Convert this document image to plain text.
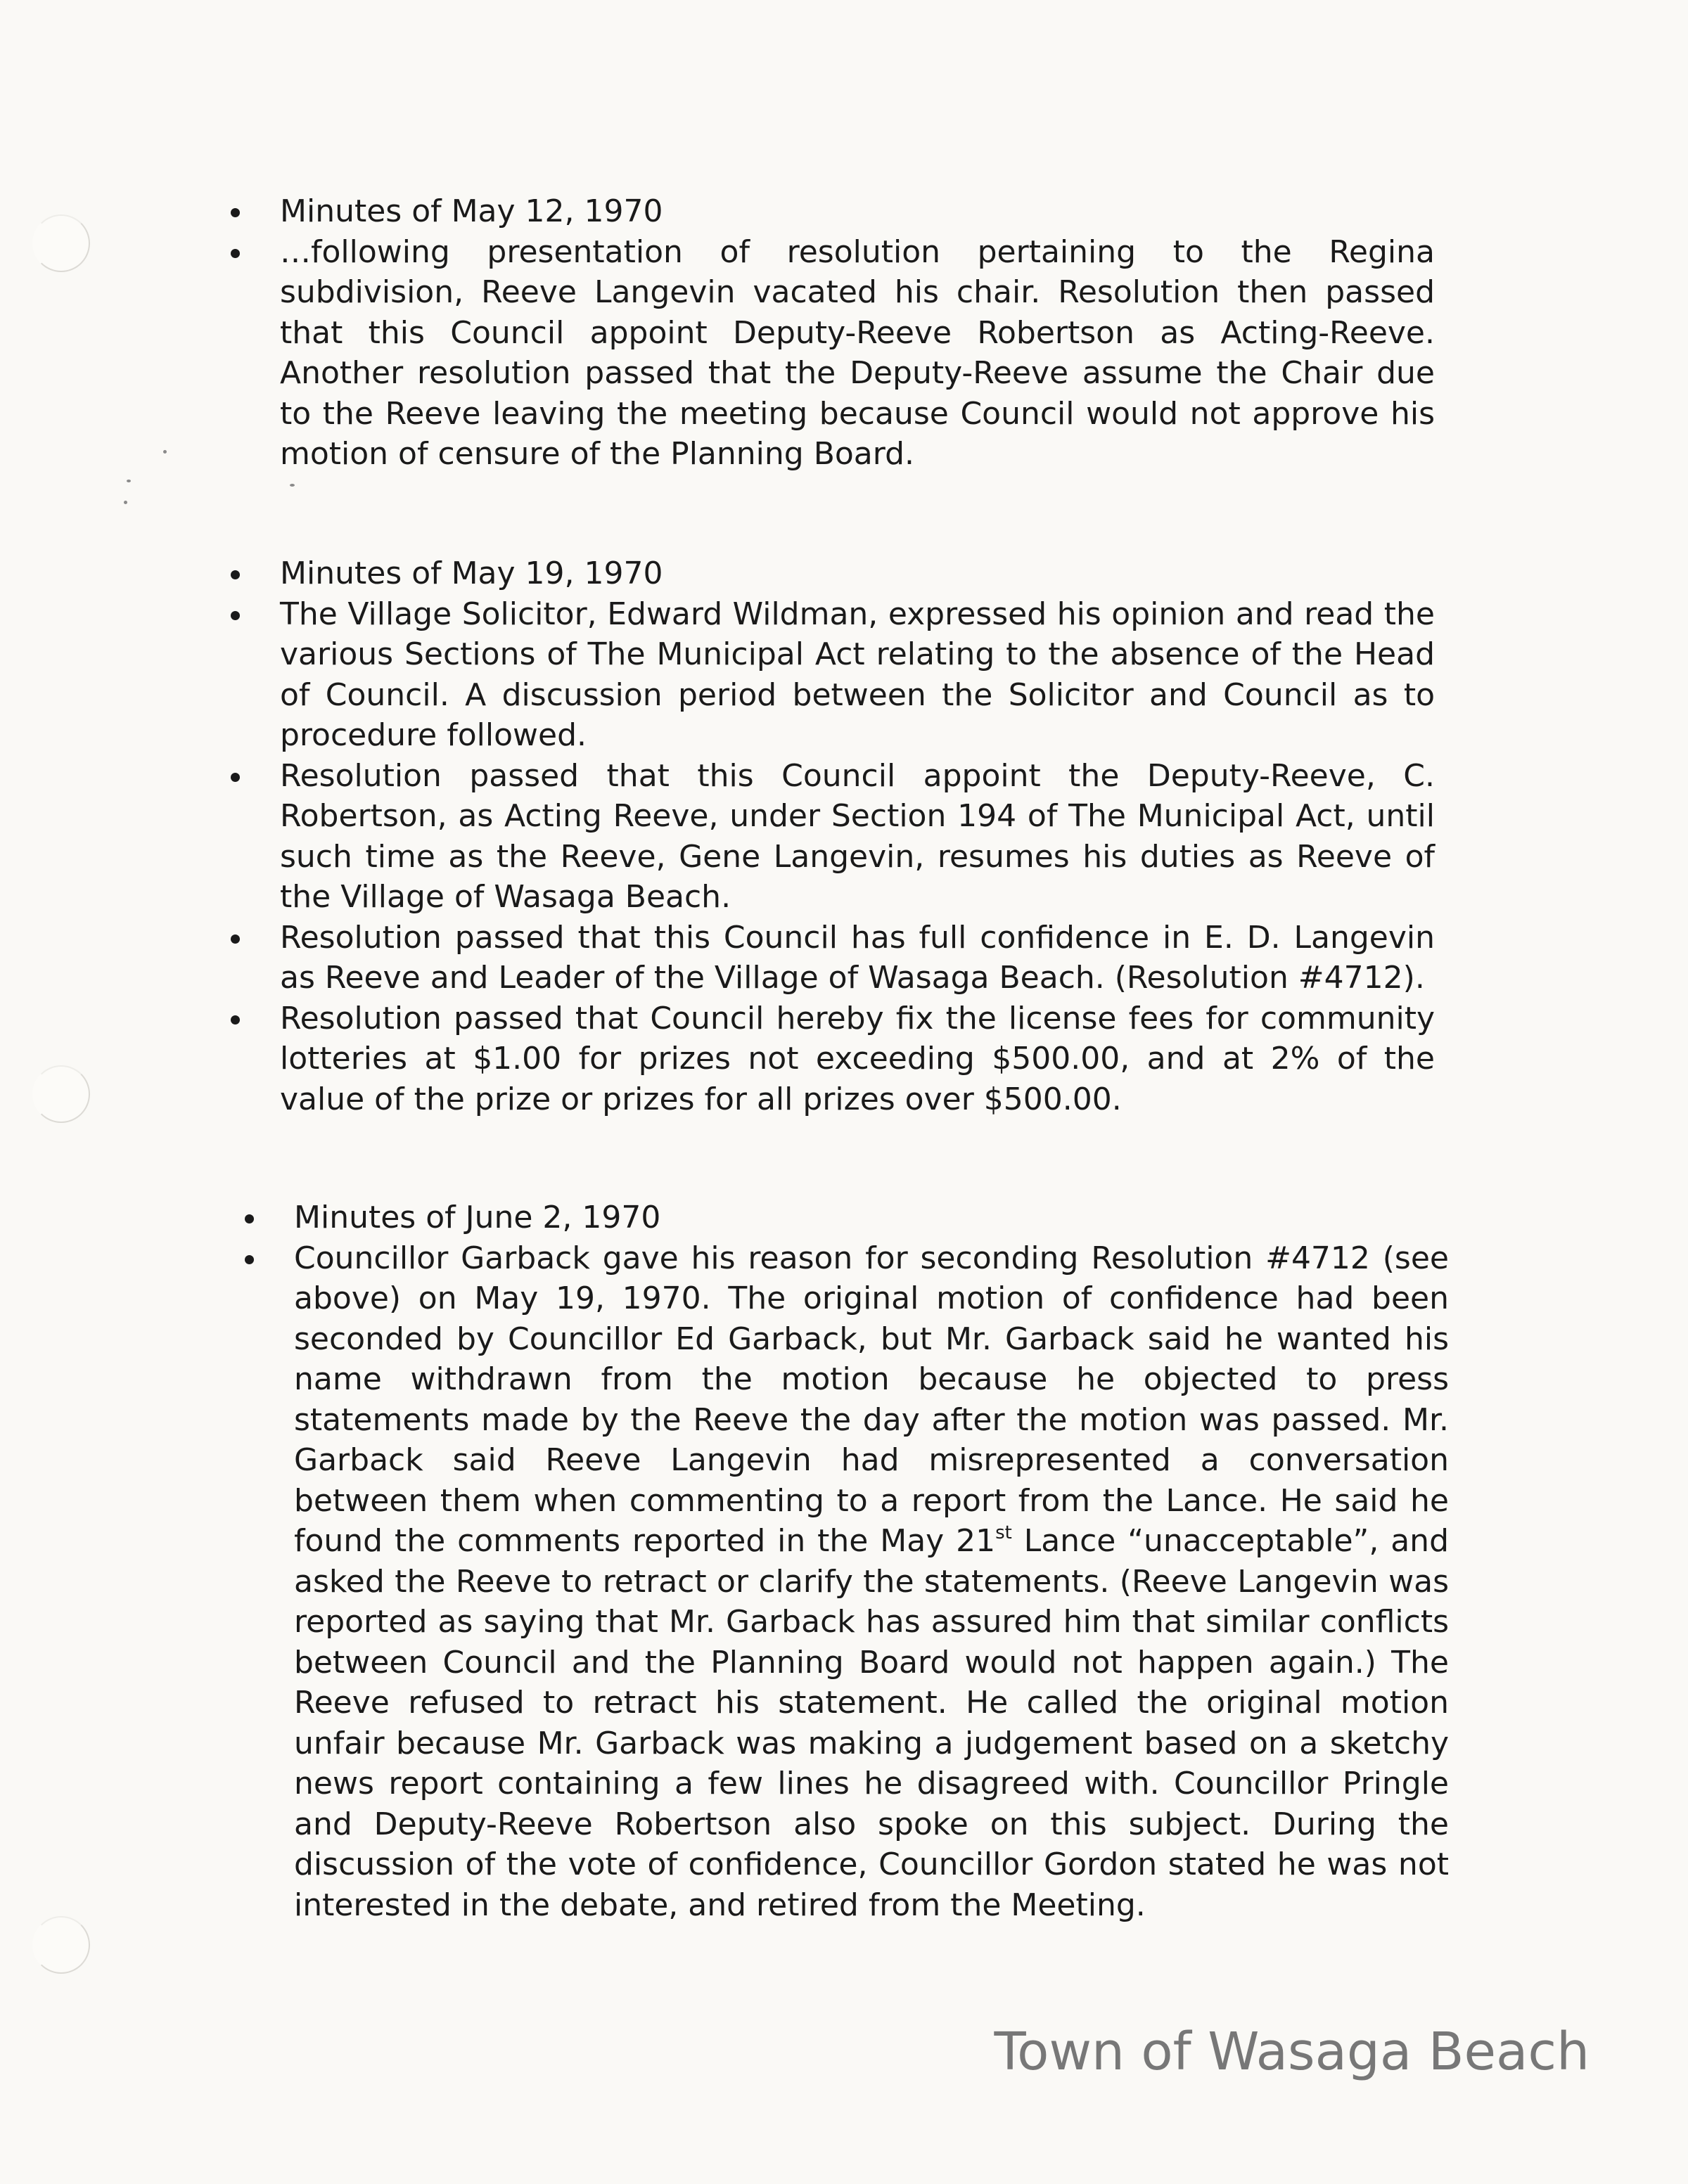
Minutes of May 12, 1970
…following presentation of resolution pertaining to the Regina subdivision, Reeve Langevin vacated his chair. Resolution then passed that this Council appoint Deputy-Reeve Robertson as Acting-Reeve. Another resolution passed that the Deputy-Reeve assume the Chair due to the Reeve leaving the meeting because Council would not approve his motion of censure of the Planning Board.
Minutes of May 19, 1970
The Village Solicitor, Edward Wildman, expressed his opinion and read the various Sections of The Municipal Act relating to the absence of the Head of Council. A discussion period between the Solicitor and Council as to procedure followed.
Resolution passed that this Council appoint the Deputy-Reeve, C. Robertson, as Acting Reeve, under Section 194 of The Municipal Act, until such time as the Reeve, Gene Langevin, resumes his duties as Reeve of the Village of Wasaga Beach.
Resolution passed that this Council has full confidence in E. D. Langevin as Reeve and Leader of the Village of Wasaga Beach. (Resolution #4712).
Resolution passed that Council hereby fix the license fees for community lotteries at $1.00 for prizes not exceeding $500.00, and at 2% of the value of the prize or prizes for all prizes over $500.00.
Minutes of June 2, 1970
Councillor Garback gave his reason for seconding Resolution #4712 (see above) on May 19, 1970. The original motion of confidence had been seconded by Councillor Ed Garback, but Mr. Garback said he wanted his name withdrawn from the motion because he objected to press statements made by the Reeve the day after the motion was passed. Mr. Garback said Reeve Langevin had misrepresented a conversation between them when commenting to a report from the Lance. He said he found the comments reported in the May 21st Lance “unacceptable”, and asked the Reeve to retract or clarify the statements. (Reeve Langevin was reported as saying that Mr. Garback has assured him that similar conflicts between Council and the Planning Board would not happen again.) The Reeve refused to retract his statement. He called the original motion unfair because Mr. Garback was making a judgement based on a sketchy news report containing a few lines he disagreed with. Councillor Pringle and Deputy-Reeve Robertson also spoke on this subject. During the discussion of the vote of confidence, Councillor Gordon stated he was not interested in the debate, and retired from the Meeting.
Town of Wasaga Beach
